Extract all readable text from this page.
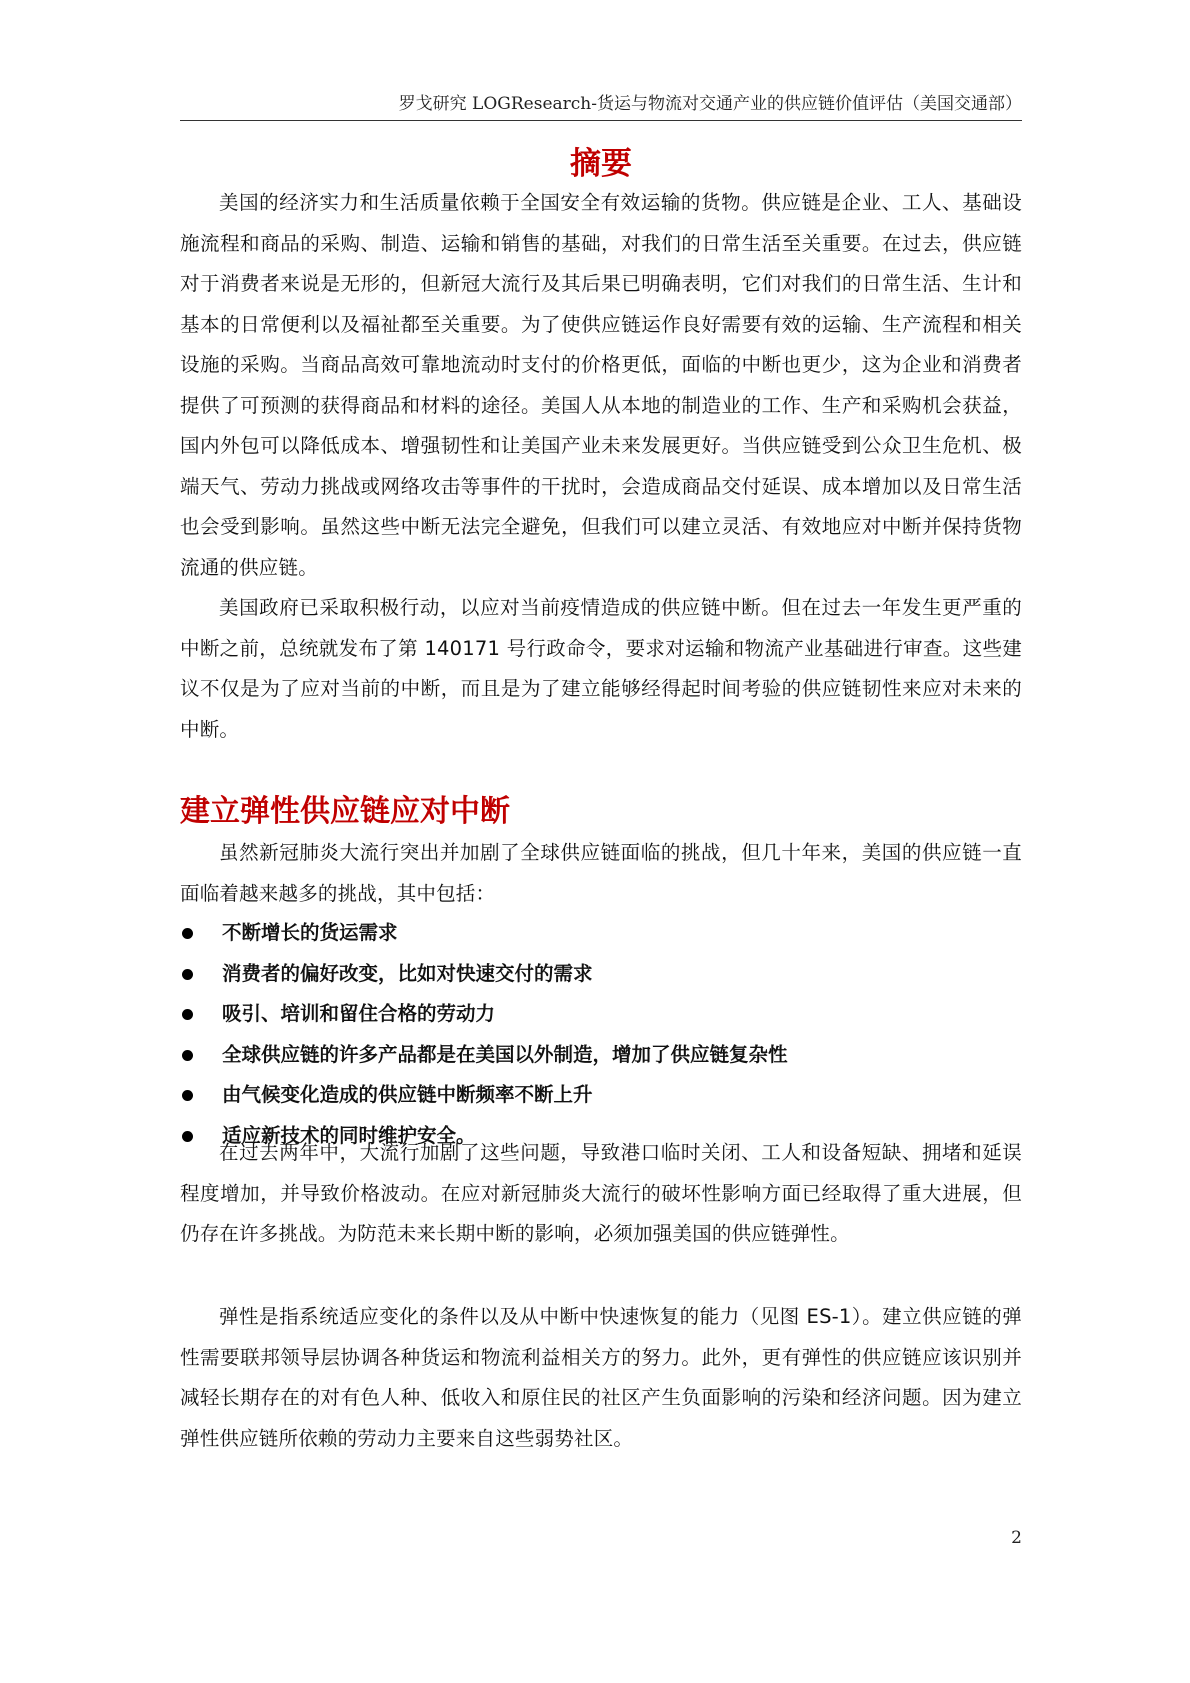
罗戈研究 LOGResearch-货运与物流对交通产业的供应链价值评估（美国交通部）
摘要

美国的经济实力和生活质量依赖于全国安全有效运输的货物。供应链是企业、工人、基础设施流程和商品的采购、制造、运输和销售的基础，对我们的日常生活至关重要。在过去，供应链对于消费者来说是无形的，但新冠大流行及其后果已明确表明，它们对我们的日常生活、生计和基本的日常便利以及福祉都至关重要。为了使供应链运作良好需要有效的运输、生产流程和相关设施的采购。当商品高效可靠地流动时支付的价格更低，面临的中断也更少，这为企业和消费者提供了可预测的获得商品和材料的途径。美国人从本地的制造业的工作、生产和采购机会获益，国内外包可以降低成本、增强韧性和让美国产业未来发展更好。当供应链受到公众卫生危机、极端天气、劳动力挑战或网络攻击等事件的干扰时，会造成商品交付延误、成本增加以及日常生活也会受到影响。虽然这些中断无法完全避免，但我们可以建立灵活、有效地应对中断并保持货物流通的供应链。

美国政府已采取积极行动，以应对当前疫情造成的供应链中断。但在过去一年发生更严重的中断之前，总统就发布了第 140171 号行政命令，要求对运输和物流产业基础进行审查。这些建议不仅是为了应对当前的中断，而且是为了建立能够经得起时间考验的供应链韧性来应对未来的中断。

建立弹性供应链应对中断

虽然新冠肺炎大流行突出并加剧了全球供应链面临的挑战，但几十年来，美国的供应链一直面临着越来越多的挑战，其中包括：

不断增长的货运需求
消费者的偏好改变，比如对快速交付的需求
吸引、培训和留住合格的劳动力
全球供应链的许多产品都是在美国以外制造，增加了供应链复杂性
由气候变化造成的供应链中断频率不断上升
适应新技术的同时维护安全。

在过去两年中，大流行加剧了这些问题，导致港口临时关闭、工人和设备短缺、拥堵和延误程度增加，并导致价格波动。在应对新冠肺炎大流行的破坏性影响方面已经取得了重大进展，但仍存在许多挑战。为防范未来长期中断的影响，必须加强美国的供应链弹性。

弹性是指系统适应变化的条件以及从中断中快速恢复的能力（见图 ES-1）。建立供应链的弹性需要联邦领导层协调各种货运和物流利益相关方的努力。此外，更有弹性的供应链应该识别并减轻长期存在的对有色人种、低收入和原住民的社区产生负面影响的污染和经济问题。因为建立弹性供应链所依赖的劳动力主要来自这些弱势社区。

2
